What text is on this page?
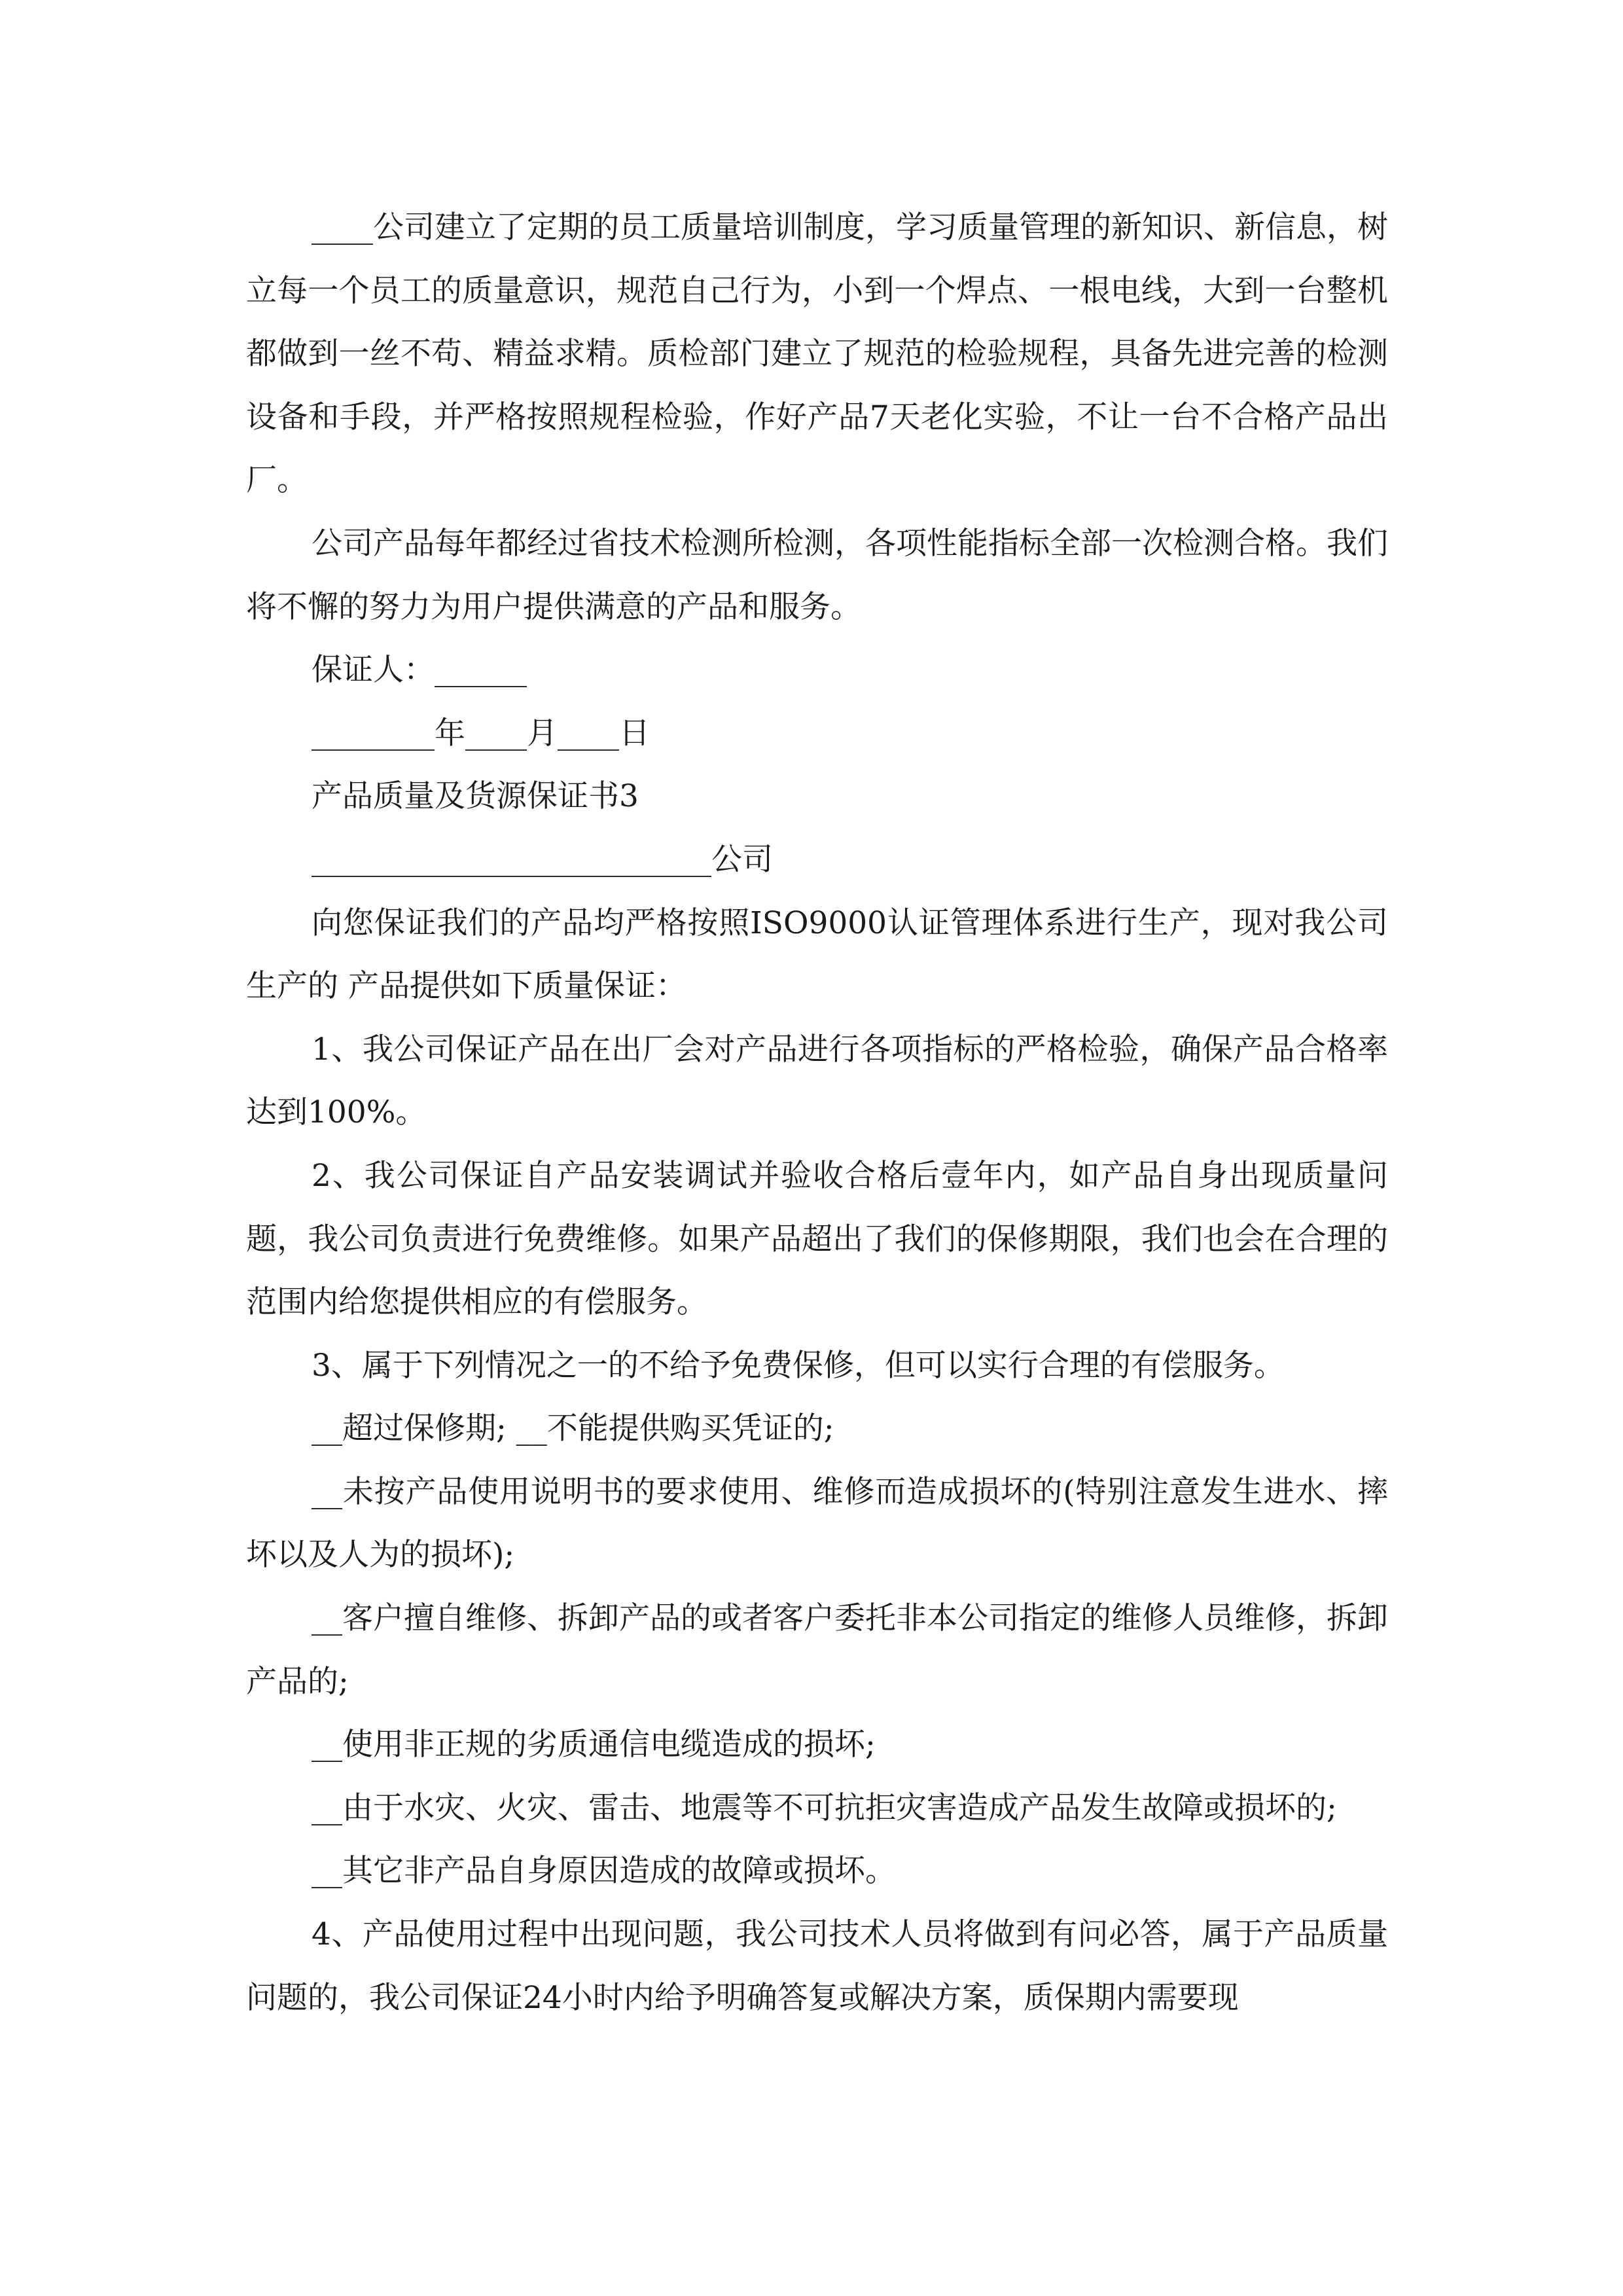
____公司建立了定期的员工质量培训制度，学习质量管理的新知识、新信息，树立每一个员工的质量意识，规范自己行为，小到一个焊点、一根电线，大到一台整机都做到一丝不苟、精益求精。质检部门建立了规范的检验规程，具备先进完善的检测设备和手段，并严格按照规程检验，作好产品7天老化实验，不让一台不合格产品出厂。

公司产品每年都经过省技术检测所检测，各项性能指标全部一次检测合格。我们将不懈的努力为用户提供满意的产品和服务。

保证人：______

________年____月____日

产品质量及货源保证书3

__________________________公司

向您保证我们的产品均严格按照ISO9000认证管理体系进行生产，现对我公司生产的 产品提供如下质量保证：

1、我公司保证产品在出厂会对产品进行各项指标的严格检验，确保产品合格率达到100%。

2、我公司保证自产品安装调试并验收合格后壹年内，如产品自身出现质量问题，我公司负责进行免费维修。如果产品超出了我们的保修期限，我们也会在合理的范围内给您提供相应的有偿服务。

3、属于下列情况之一的不给予免费保修，但可以实行合理的有偿服务。

__超过保修期; __不能提供购买凭证的;

__未按产品使用说明书的要求使用、维修而造成损坏的(特别注意发生进水、摔坏以及人为的损坏);

__客户擅自维修、拆卸产品的或者客户委托非本公司指定的维修人员维修，拆卸产品的;

__使用非正规的劣质通信电缆造成的损坏;

__由于水灾、火灾、雷击、地震等不可抗拒灾害造成产品发生故障或损坏的;

__其它非产品自身原因造成的故障或损坏。

4、产品使用过程中出现问题，我公司技术人员将做到有问必答，属于产品质量问题的，我公司保证24小时内给予明确答复或解决方案，质保期内需要现
